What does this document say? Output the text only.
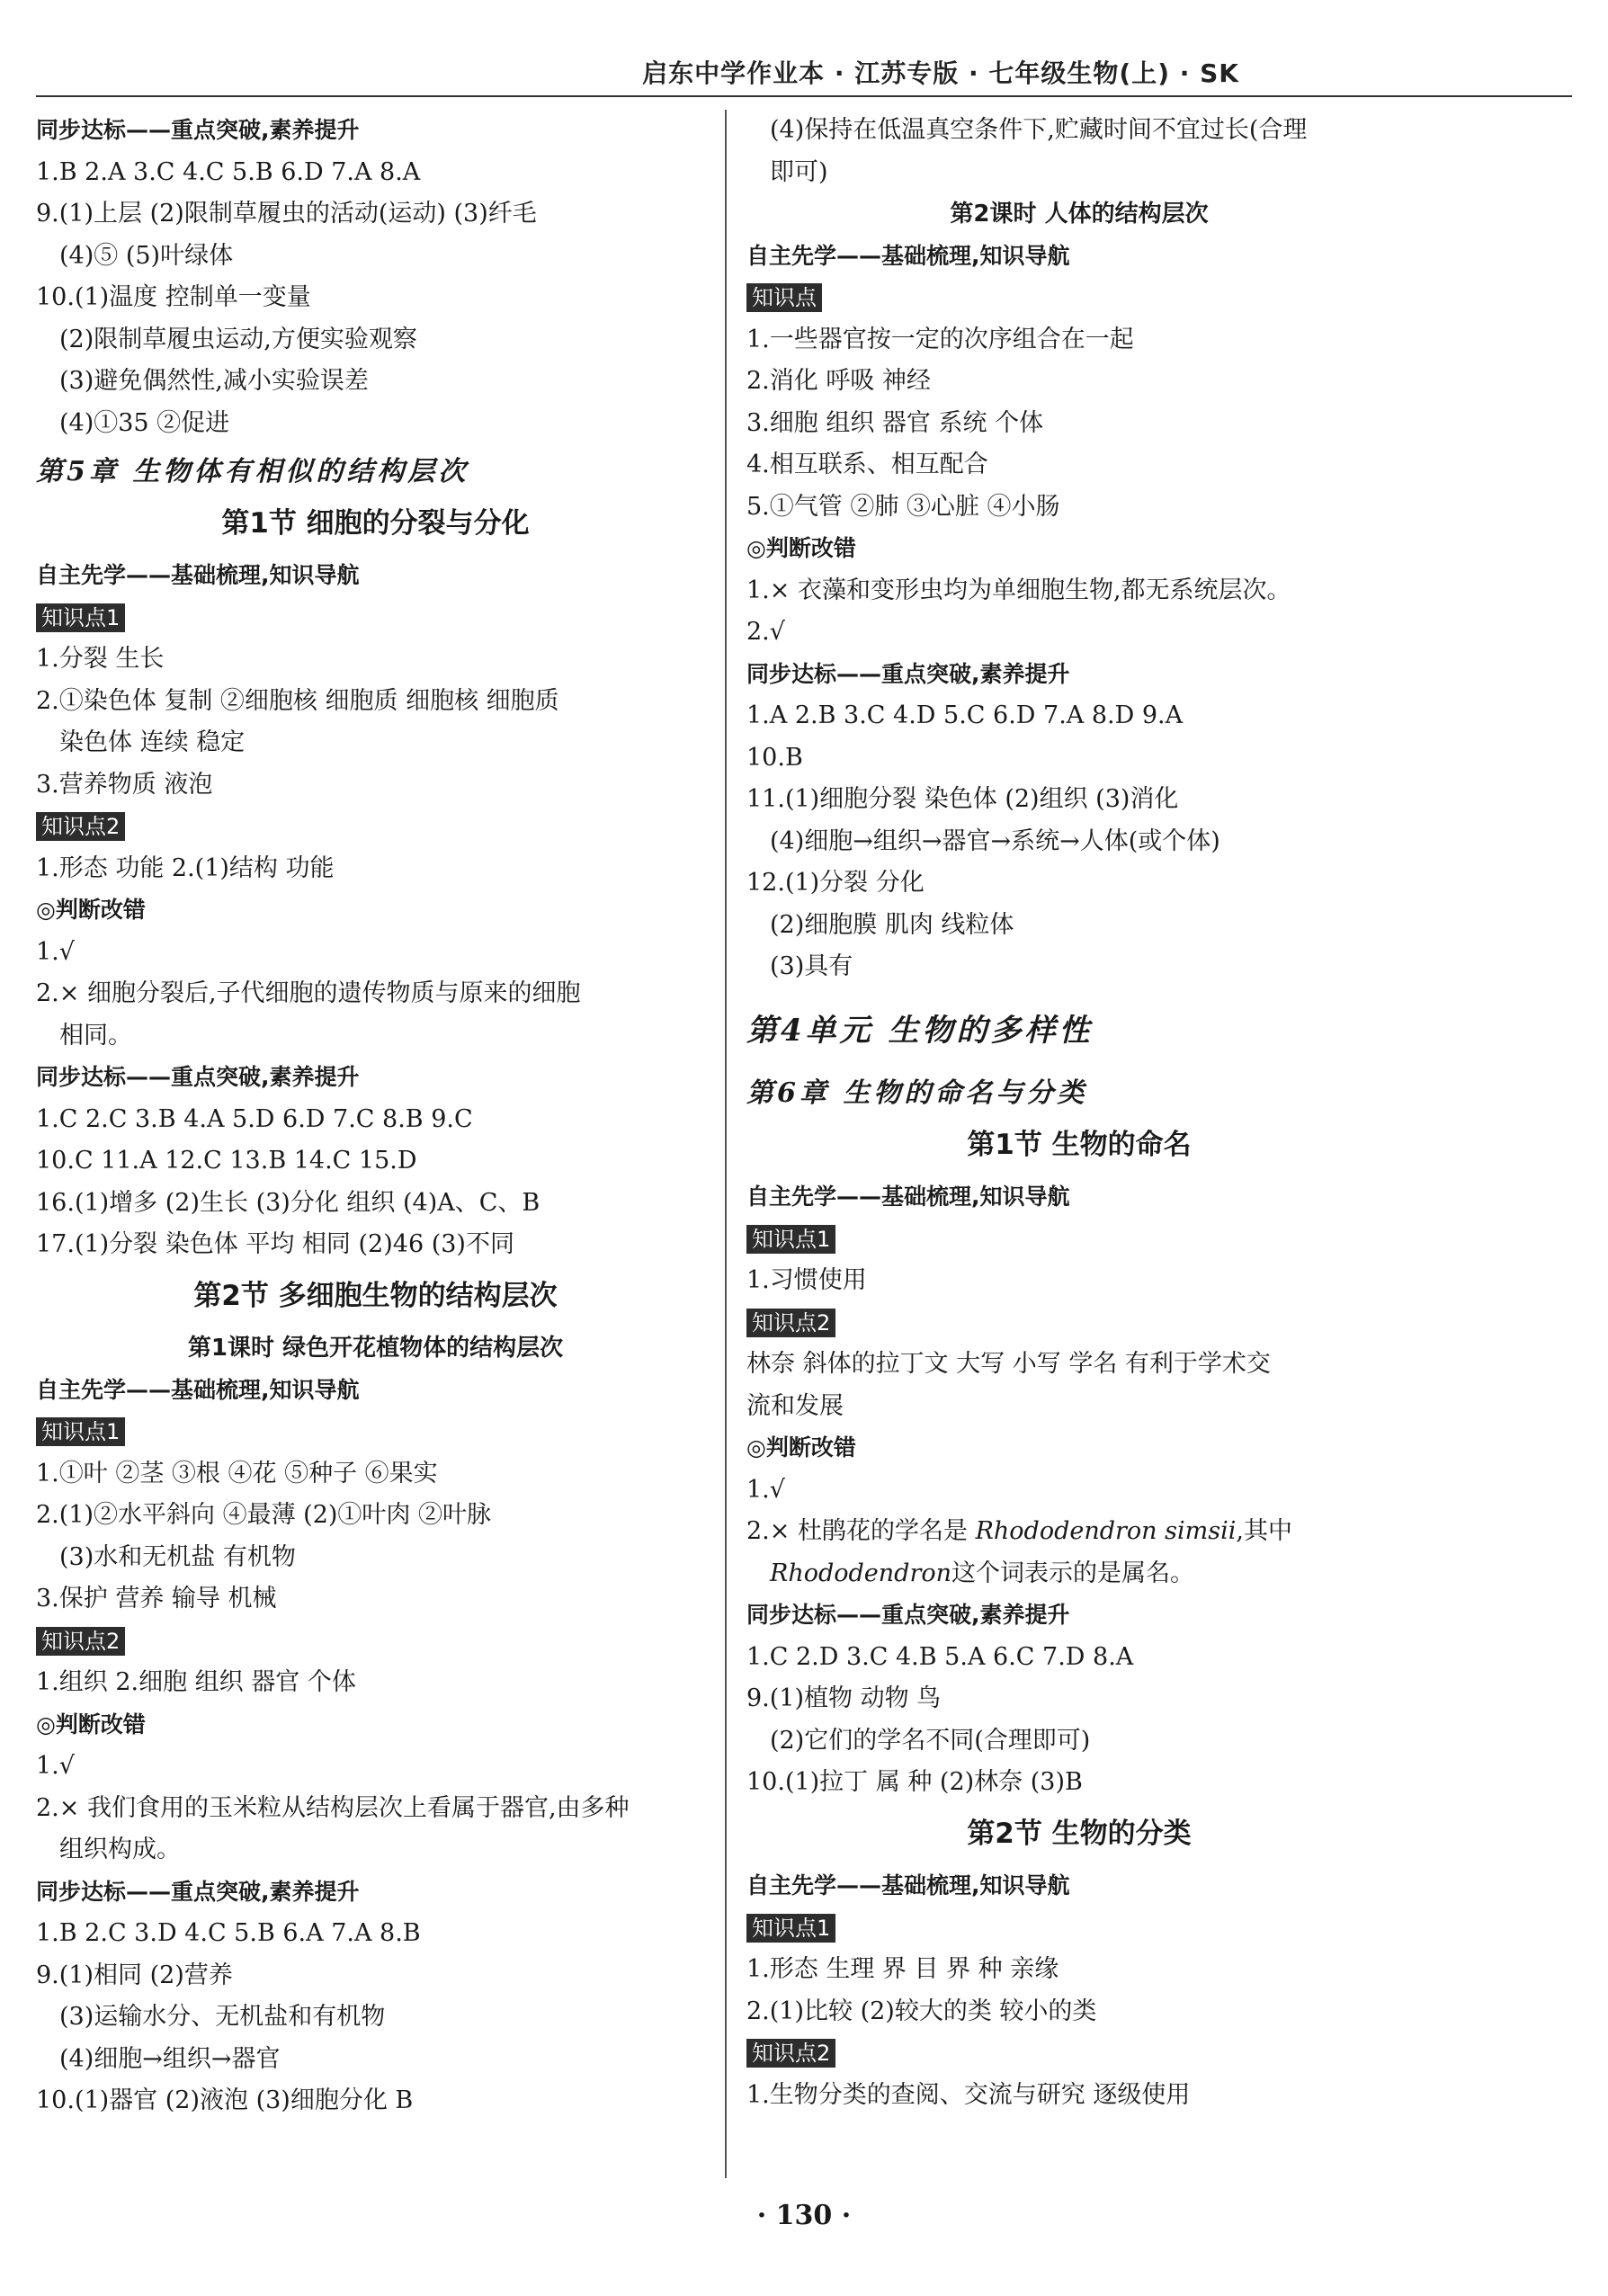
启东中学作业本 · 江苏专版 · 七年级生物(上) · SK
同步达标——重点突破,素养提升
1.B 2.A 3.C 4.C 5.B 6.D 7.A 8.A
9.(1)上层 (2)限制草履虫的活动(运动) (3)纤毛
(4)⑤ (5)叶绿体
10.(1)温度 控制单一变量
(2)限制草履虫运动,方便实验观察
(3)避免偶然性,减小实验误差
(4)①35 ②促进
第5章 生物体有相似的结构层次
第1节 细胞的分裂与分化
自主先学——基础梳理,知识导航
知识点1
1.分裂 生长
2.①染色体 复制 ②细胞核 细胞质 细胞核 细胞质
染色体 连续 稳定
3.营养物质 液泡
知识点2
1.形态 功能 2.(1)结构 功能
◎判断改错
1.√
2.× 细胞分裂后,子代细胞的遗传物质与原来的细胞
相同。
同步达标——重点突破,素养提升
1.C 2.C 3.B 4.A 5.D 6.D 7.C 8.B 9.C
10.C 11.A 12.C 13.B 14.C 15.D
16.(1)增多 (2)生长 (3)分化 组织 (4)A、C、B
17.(1)分裂 染色体 平均 相同 (2)46 (3)不同
第2节 多细胞生物的结构层次
第1课时 绿色开花植物体的结构层次
自主先学——基础梳理,知识导航
知识点1
1.①叶 ②茎 ③根 ④花 ⑤种子 ⑥果实
2.(1)②水平斜向 ④最薄 (2)①叶肉 ②叶脉
(3)水和无机盐 有机物
3.保护 营养 输导 机械
知识点2
1.组织 2.细胞 组织 器官 个体
◎判断改错
1.√
2.× 我们食用的玉米粒从结构层次上看属于器官,由多种
组织构成。
同步达标——重点突破,素养提升
1.B 2.C 3.D 4.C 5.B 6.A 7.A 8.B
9.(1)相同 (2)营养
(3)运输水分、无机盐和有机物
(4)细胞→组织→器官
10.(1)器官 (2)液泡 (3)细胞分化 B
(4)保持在低温真空条件下,贮藏时间不宜过长(合理
即可)
第2课时 人体的结构层次
自主先学——基础梳理,知识导航
知识点
1.一些器官按一定的次序组合在一起
2.消化 呼吸 神经
3.细胞 组织 器官 系统 个体
4.相互联系、相互配合
5.①气管 ②肺 ③心脏 ④小肠
◎判断改错
1.× 衣藻和变形虫均为单细胞生物,都无系统层次。
2.√
同步达标——重点突破,素养提升
1.A 2.B 3.C 4.D 5.C 6.D 7.A 8.D 9.A
10.B
11.(1)细胞分裂 染色体 (2)组织 (3)消化
(4)细胞→组织→器官→系统→人体(或个体)
12.(1)分裂 分化
(2)细胞膜 肌肉 线粒体
(3)具有
第4单元 生物的多样性
第6章 生物的命名与分类
第1节 生物的命名
自主先学——基础梳理,知识导航
知识点1
1.习惯使用
知识点2
林奈 斜体的拉丁文 大写 小写 学名 有利于学术交
流和发展
◎判断改错
1.√
2.× 杜鹃花的学名是 Rhododendron simsii,其中
Rhododendron这个词表示的是属名。
同步达标——重点突破,素养提升
1.C 2.D 3.C 4.B 5.A 6.C 7.D 8.A
9.(1)植物 动物 鸟
(2)它们的学名不同(合理即可)
10.(1)拉丁 属 种 (2)林奈 (3)B
第2节 生物的分类
自主先学——基础梳理,知识导航
知识点1
1.形态 生理 界 目 界 种 亲缘
2.(1)比较 (2)较大的类 较小的类
知识点2
1.生物分类的查阅、交流与研究 逐级使用
· 130 ·
